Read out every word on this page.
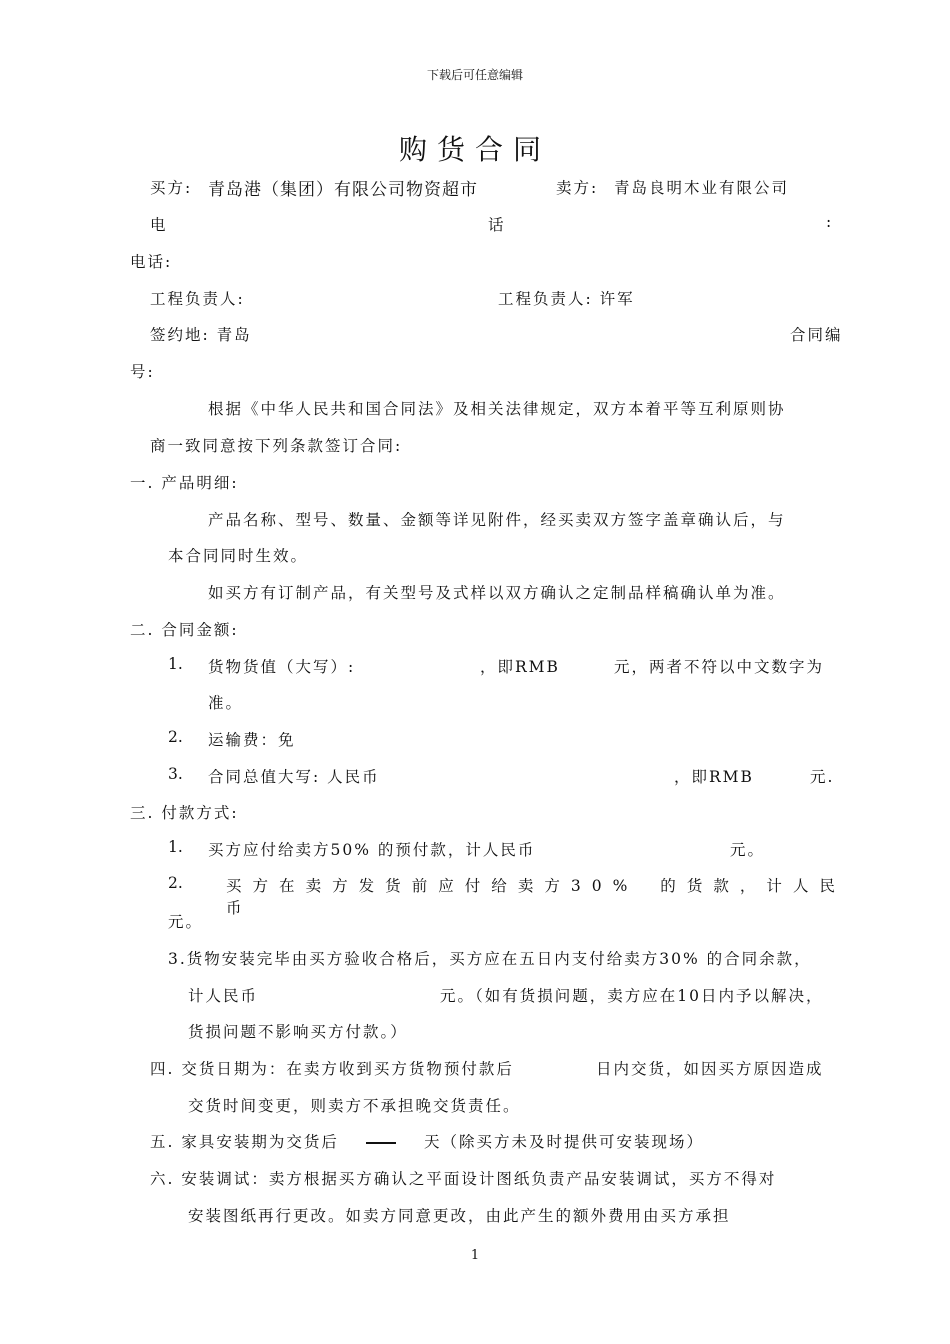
下载后可任意编辑
购货合同
买方: 青岛港（集团）有限公司物资超市	卖方: 青岛良明木业有限公司
电	话	:
电话:
工程负责人:	工程负责人: 许军
签约地: 青岛	合同编
号:
根据《中华人民共和国合同法》及相关法律规定，双方本着平等互利原则协
商一致同意按下列条款签订合同:
一. 产品明细:
产品名称、型号、数量、金额等详见附件，经买卖双方签字盖章确认后，与
本合同同时生效。
如买方有订制产品，有关型号及式样以双方确认之定制品样稿确认单为准。
二. 合同金额:
1. 货物货值（大写）:	，即RMB	元，两者不符以中文数字为
准。
2. 运输费：免
3. 合同总值大写: 人民币	，即RMB	元.
三. 付款方式:
1. 买方应付给卖方50% 的预付款，计人民币	元。
2.	买方在卖方发货前应付给卖方30% 的货款，计人民币
元。
3.货物安装完毕由买方验收合格后，买方应在五日内支付给卖方30% 的合同余款，
计人民币	元。（如有货损问题，卖方应在10日内予以解决，
货损问题不影响买方付款。）
四. 交货日期为：在卖方收到买方货物预付款后	日内交货，如因买方原因造成
交货时间变更，则卖方不承担晚交货责任。
五. 家具安装期为交货后	天（除买方未及时提供可安装现场）
六. 安装调试：卖方根据买方确认之平面设计图纸负责产品安装调试，买方不得对
安装图纸再行更改。如卖方同意更改，由此产生的额外费用由买方承担
1
